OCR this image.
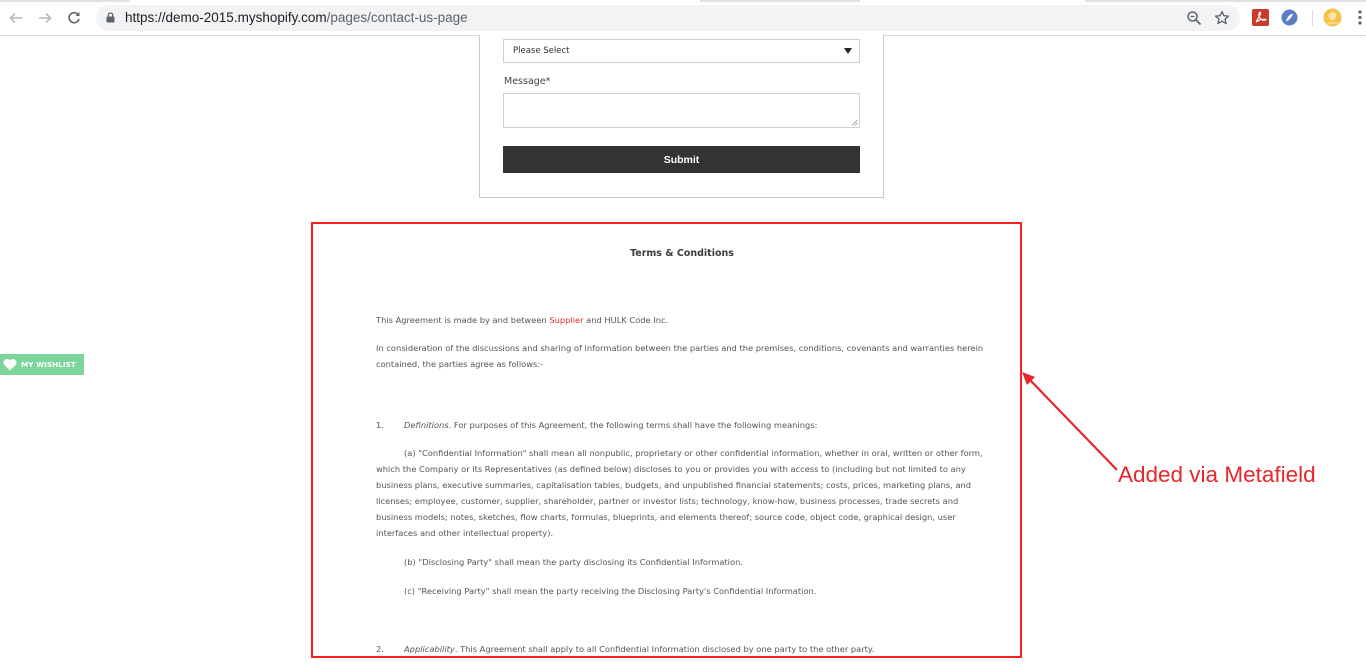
https://demo-2015.myshopify.com/pages/contact-us-page
Please Select
Message*
Submit
Terms & Conditions

This Agreement is made by and between Supplier and HULK Code Inc.

In consideration of the discussions and sharing of information between the parties and the premises, conditions, covenants and warranties herein contained, the parties agree as follows:-

1.	Definitions. For purposes of this Agreement, the following terms shall have the following meanings:

(a) "Confidential Information" shall mean all nonpublic, proprietary or other confidential information, whether in oral, written or other form, which the Company or its Representatives (as defined below) discloses to you or provides you with access to (including but not limited to any business plans, executive summaries, capitalisation tables, budgets, and unpublished financial statements; costs, prices, marketing plans, and licenses; employee, customer, supplier, shareholder, partner or investor lists; technology, know-how, business processes, trade secrets and business models; notes, sketches, flow charts, formulas, blueprints, and elements thereof; source code, object code, graphical design, user interfaces and other intellectual property).

(b) "Disclosing Party" shall mean the party disclosing its Confidential Information.

(c) "Receiving Party" shall mean the party receiving the Disclosing Party's Confidential Information.

2.	Applicability. This Agreement shall apply to all Confidential Information disclosed by one party to the other party.
MY WISHLIST
Added via Metafield
